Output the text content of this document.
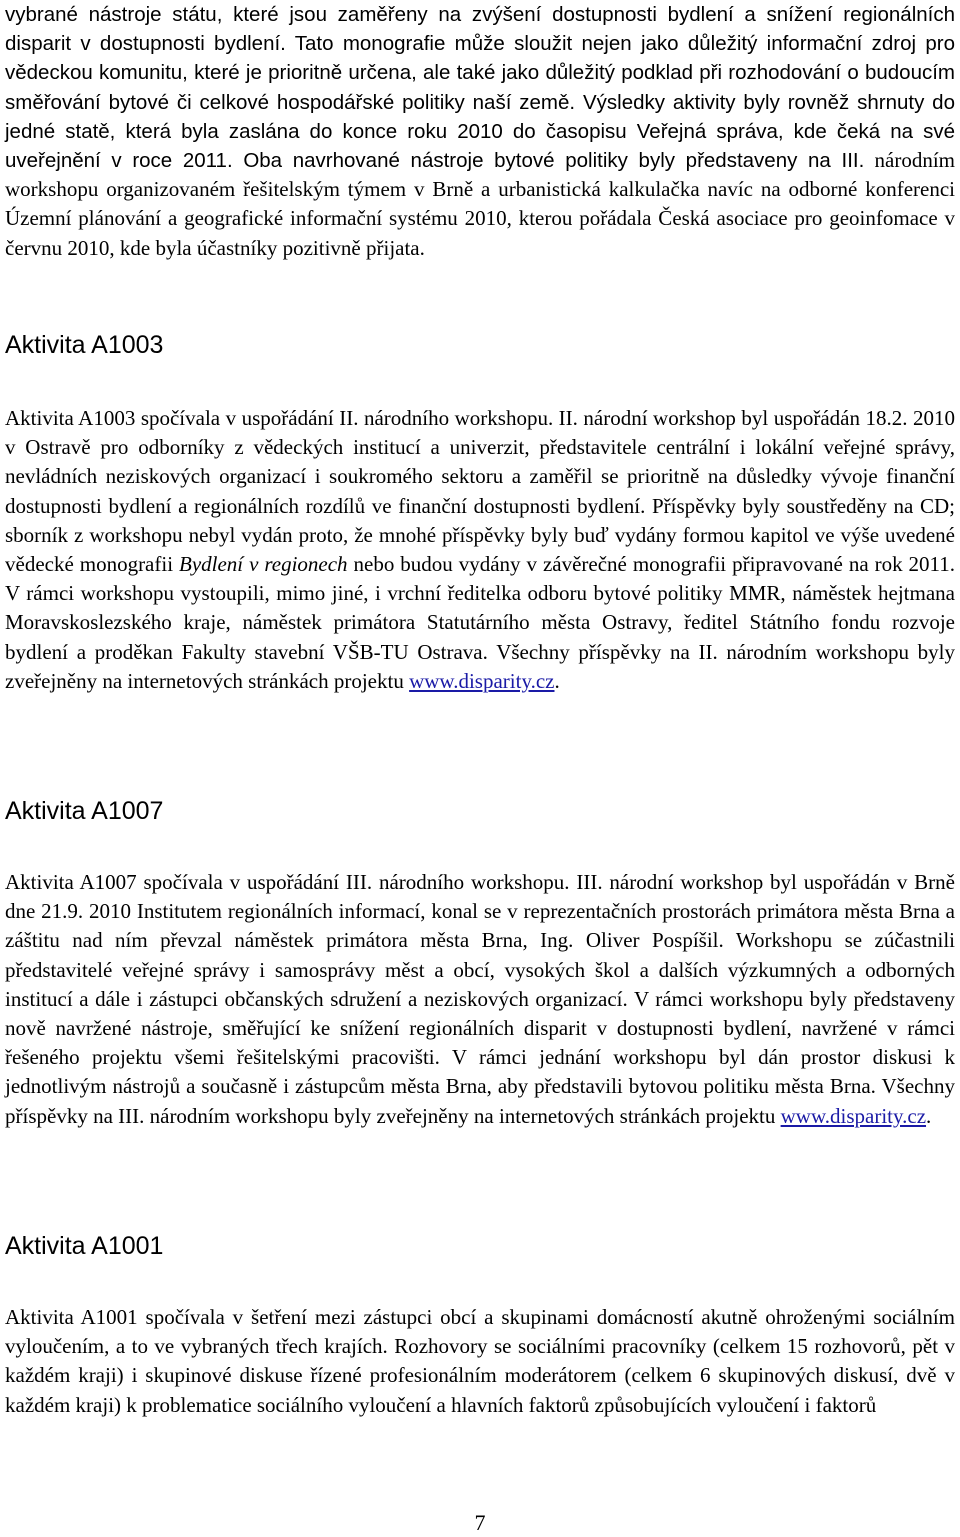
vybrané nástroje státu, které jsou zaměřeny na zvýšení dostupnosti bydlení a snížení regionálních disparit v dostupnosti bydlení. Tato monografie může sloužit nejen jako důležitý informační zdroj pro vědeckou komunitu, které je prioritně určena, ale také jako důležitý podklad při rozhodování o budoucím směřování bytové či celkové hospodářské politiky naší země. Výsledky aktivity byly rovněž shrnuty do jedné statě, která byla zaslána do konce roku 2010 do časopisu Veřejná správa, kde čeká na své uveřejnění v roce 2011. Oba navrhované nástroje bytové politiky byly představeny na III. národním workshopu organizovaném řešitelským týmem v Brně a urbanistická kalkulačka navíc na odborné konferenci Územní plánování a geografické informační systému 2010, kterou pořádala Česká asociace pro geoinfomace v červnu 2010, kde byla účastníky pozitivně přijata.

Aktivita A1003

Aktivita A1003 spočívala v uspořádání II. národního workshopu. II. národní workshop byl uspořádán 18.2. 2010 v Ostravě pro odborníky z vědeckých institucí a univerzit, představitele centrální i lokální veřejné správy, nevládních neziskových organizací i soukromého sektoru a zaměřil se prioritně na důsledky vývoje finanční dostupnosti bydlení a regionálních rozdílů ve finanční dostupnosti bydlení. Příspěvky byly soustředěny na CD; sborník z workshopu nebyl vydán proto, že mnohé příspěvky byly buď vydány formou kapitol ve výše uvedené vědecké monografii Bydlení v regionech nebo budou vydány v závěrečné monografii připravované na rok 2011. V rámci workshopu vystoupili, mimo jiné, i vrchní ředitelka odboru bytové politiky MMR, náměstek hejtmana Moravskoslezského kraje, náměstek primátora Statutárního města Ostravy, ředitel Státního fondu rozvoje bydlení a proděkan Fakulty stavební VŠB-TU Ostrava. Všechny příspěvky na II. národním workshopu byly zveřejněny na internetových stránkách projektu www.disparity.cz.

Aktivita A1007

Aktivita A1007 spočívala v uspořádání III. národního workshopu. III. národní workshop byl uspořádán v Brně dne 21.9. 2010 Institutem regionálních informací, konal se v reprezentačních prostorách primátora města Brna a záštitu nad ním převzal náměstek primátora města Brna, Ing. Oliver Pospíšil. Workshopu se zúčastnili představitelé veřejné správy i samosprávy měst a obcí, vysokých škol a dalších výzkumných a odborných institucí a dále i zástupci občanských sdružení a neziskových organizací. V rámci workshopu byly představeny nově navržené nástroje, směřující ke snížení regionálních disparit v dostupnosti bydlení, navržené v rámci řešeného projektu všemi řešitelskými pracovišti. V rámci jednání workshopu byl dán prostor diskusi k jednotlivým nástrojů a současně i zástupcům města Brna, aby představili bytovou politiku města Brna. Všechny příspěvky na III. národním workshopu byly zveřejněny na internetových stránkách projektu www.disparity.cz.

Aktivita A1001

Aktivita A1001 spočívala v šetření mezi zástupci obcí a skupinami domácností akutně ohroženými sociálním vyloučením, a to ve vybraných třech krajích. Rozhovory se sociálními pracovníky (celkem 15 rozhovorů, pět v každém kraji) i skupinové diskuse řízené profesionálním moderátorem (celkem 6 skupinových diskusí, dvě v každém kraji) k problematice sociálního vyloučení a hlavních faktorů způsobujících vyloučení i faktorů

7
